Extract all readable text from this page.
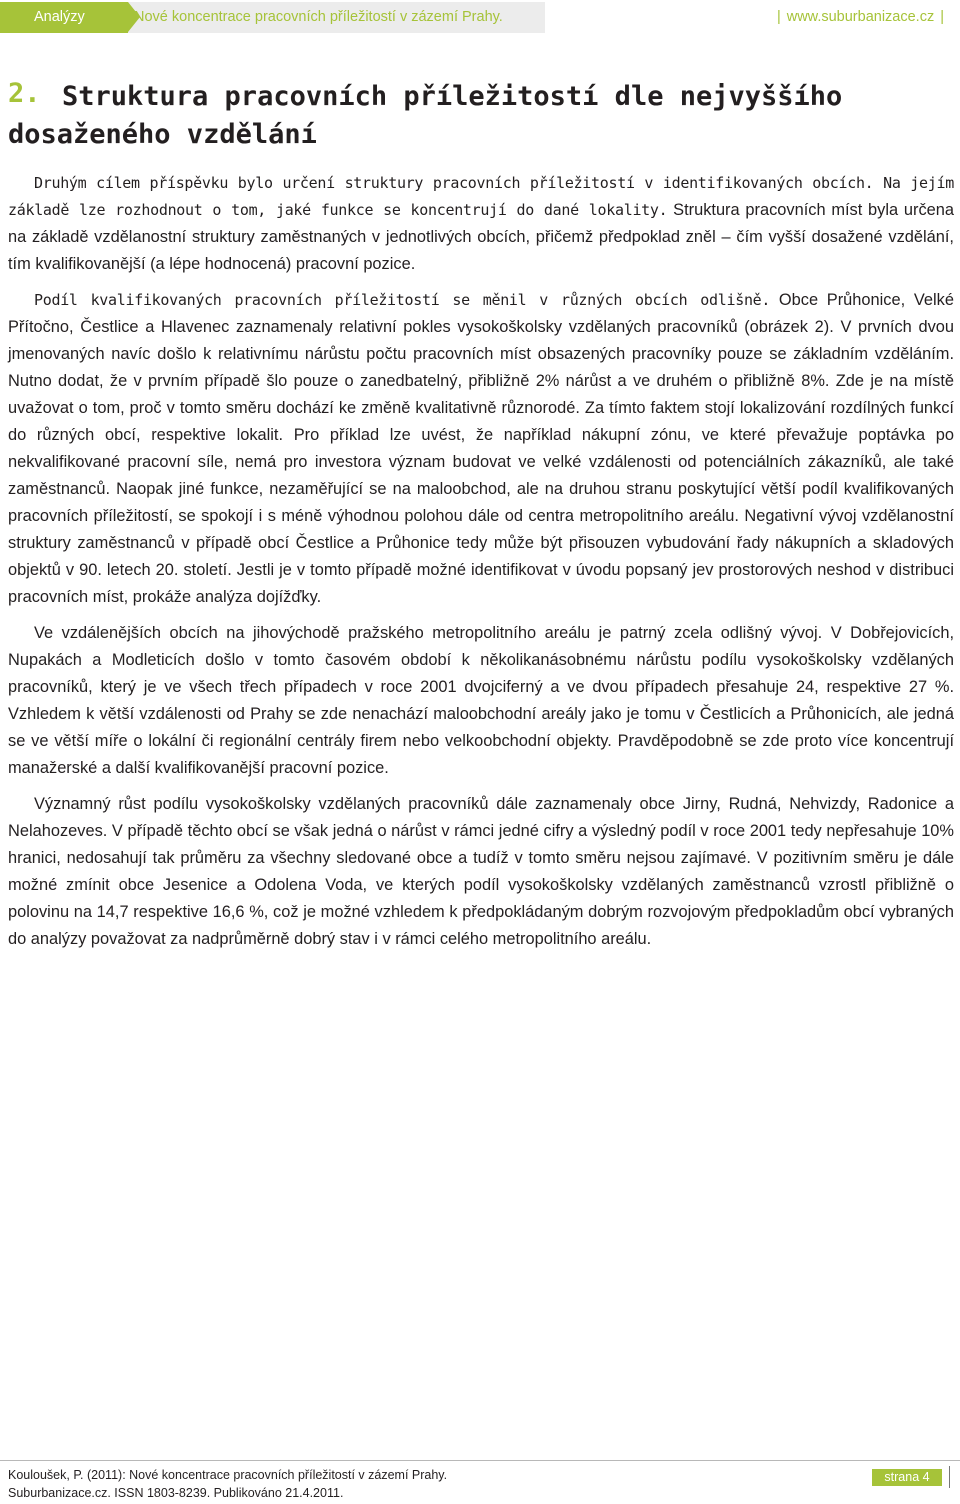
Nové koncentrace pracovních příležitostí v zázemí Prahy.
Analýzy	| www.suburbanizace.cz |
2. Struktura pracovních příležitostí dle nejvyššího
dosaženého vzdělání

Druhým cílem příspěvku bylo určení struktury pracovních příležitostí v identifikovaných obcích. Na jejím základě lze rozhodnout o tom, jaké funkce se koncentrují do dané lokality. Struktura pracovních míst byla určena na základě vzdělanostní struktury zaměstnaných v jednotlivých obcích, přičemž předpoklad zněl – čím vyšší dosažené vzdělání, tím kvalifikovanější (a lépe hodnocená) pracovní pozice.

Podíl kvalifikovaných pracovních příležitostí se měnil v různých obcích odlišně. Obce Průhonice, Velké Přítočno, Čestlice a Hlavenec zaznamenaly relativní pokles vysokoškolsky vzdělaných pracovníků (obrázek 2). V prvních dvou jmenovaných navíc došlo k relativnímu nárůstu počtu pracovních míst obsazených pracovníky pouze se základním vzděláním. Nutno dodat, že v prvním případě šlo pouze o zanedbatelný, přibližně 2% nárůst a ve druhém o přibližně 8%. Zde je na místě uvažovat o tom, proč v tomto směru dochází ke změně kvalitativně různorodé. Za tímto faktem stojí lokalizování rozdílných funkcí do různých obcí, respektive lokalit. Pro příklad lze uvést, že například nákupní zónu, ve které převažuje poptávka po nekvalifikované pracovní síle, nemá pro investora význam budovat ve velké vzdálenosti od potenciálních zákazníků, ale také zaměstnanců. Naopak jiné funkce, nezaměřující se na maloobchod, ale na druhou stranu poskytující větší podíl kvalifikovaných pracovních příležitostí, se spokojí i s méně výhodnou polohou dále od centra metropolitního areálu. Negativní vývoj vzdělanostní struktury zaměstnanců v případě obcí Čestlice a Průhonice tedy může být přisouzen vybudování řady nákupních a skladových objektů v 90. letech 20. století. Jestli je v tomto případě možné identifikovat v úvodu popsaný jev prostorových neshod v distribuci pracovních míst, prokáže analýza dojížďky.

Ve vzdálenějších obcích na jihovýchodě pražského metropolitního areálu je patrný zcela odlišný vývoj. V Dobřejovicích, Nupakách a Modleticích došlo v tomto časovém období k několikanásobnému nárůstu podílu vysokoškolsky vzdělaných pracovníků, který je ve všech třech případech v roce 2001 dvojciferný a ve dvou případech přesahuje 24, respektive 27 %. Vzhledem k větší vzdálenosti od Prahy se zde nenachází maloobchodní areály jako je tomu v Čestlicích a Průhonicích, ale jedná se ve větší míře o lokální či regionální centrály firem nebo velkoobchodní objekty. Pravděpodobně se zde proto více koncentrují manažerské a další kvalifikovanější pracovní pozice.

Významný růst podílu vysokoškolsky vzdělaných pracovníků dále zaznamenaly obce Jirny, Rudná, Nehvizdy, Radonice a Nelahozeves. V případě těchto obcí se však jedná o nárůst v rámci jedné cifry a výsledný podíl v roce 2001 tedy nepřesahuje 10% hranici, nedosahují tak průměru za všechny sledované obce a tudíž v tomto směru nejsou zajímavé. V pozitivním směru je dále možné zmínit obce Jesenice a Odolena Voda, ve kterých podíl vysokoškolsky vzdělaných zaměstnanců vzrostl přibližně o polovinu na 14,7 respektive 16,6 %, což je možné vzhledem k předpokládaným dobrým rozvojovým předpokladům obcí vybraných do analýzy považovat za nadprůměrně dobrý stav i v rámci celého metropolitního areálu.

Kouloušek, P. (2011): Nové koncentrace pracovních příležitostí v zázemí Prahy.
Suburbanizace.cz. ISSN 1803-8239. Publikováno 21.4.2011.
strana 4
